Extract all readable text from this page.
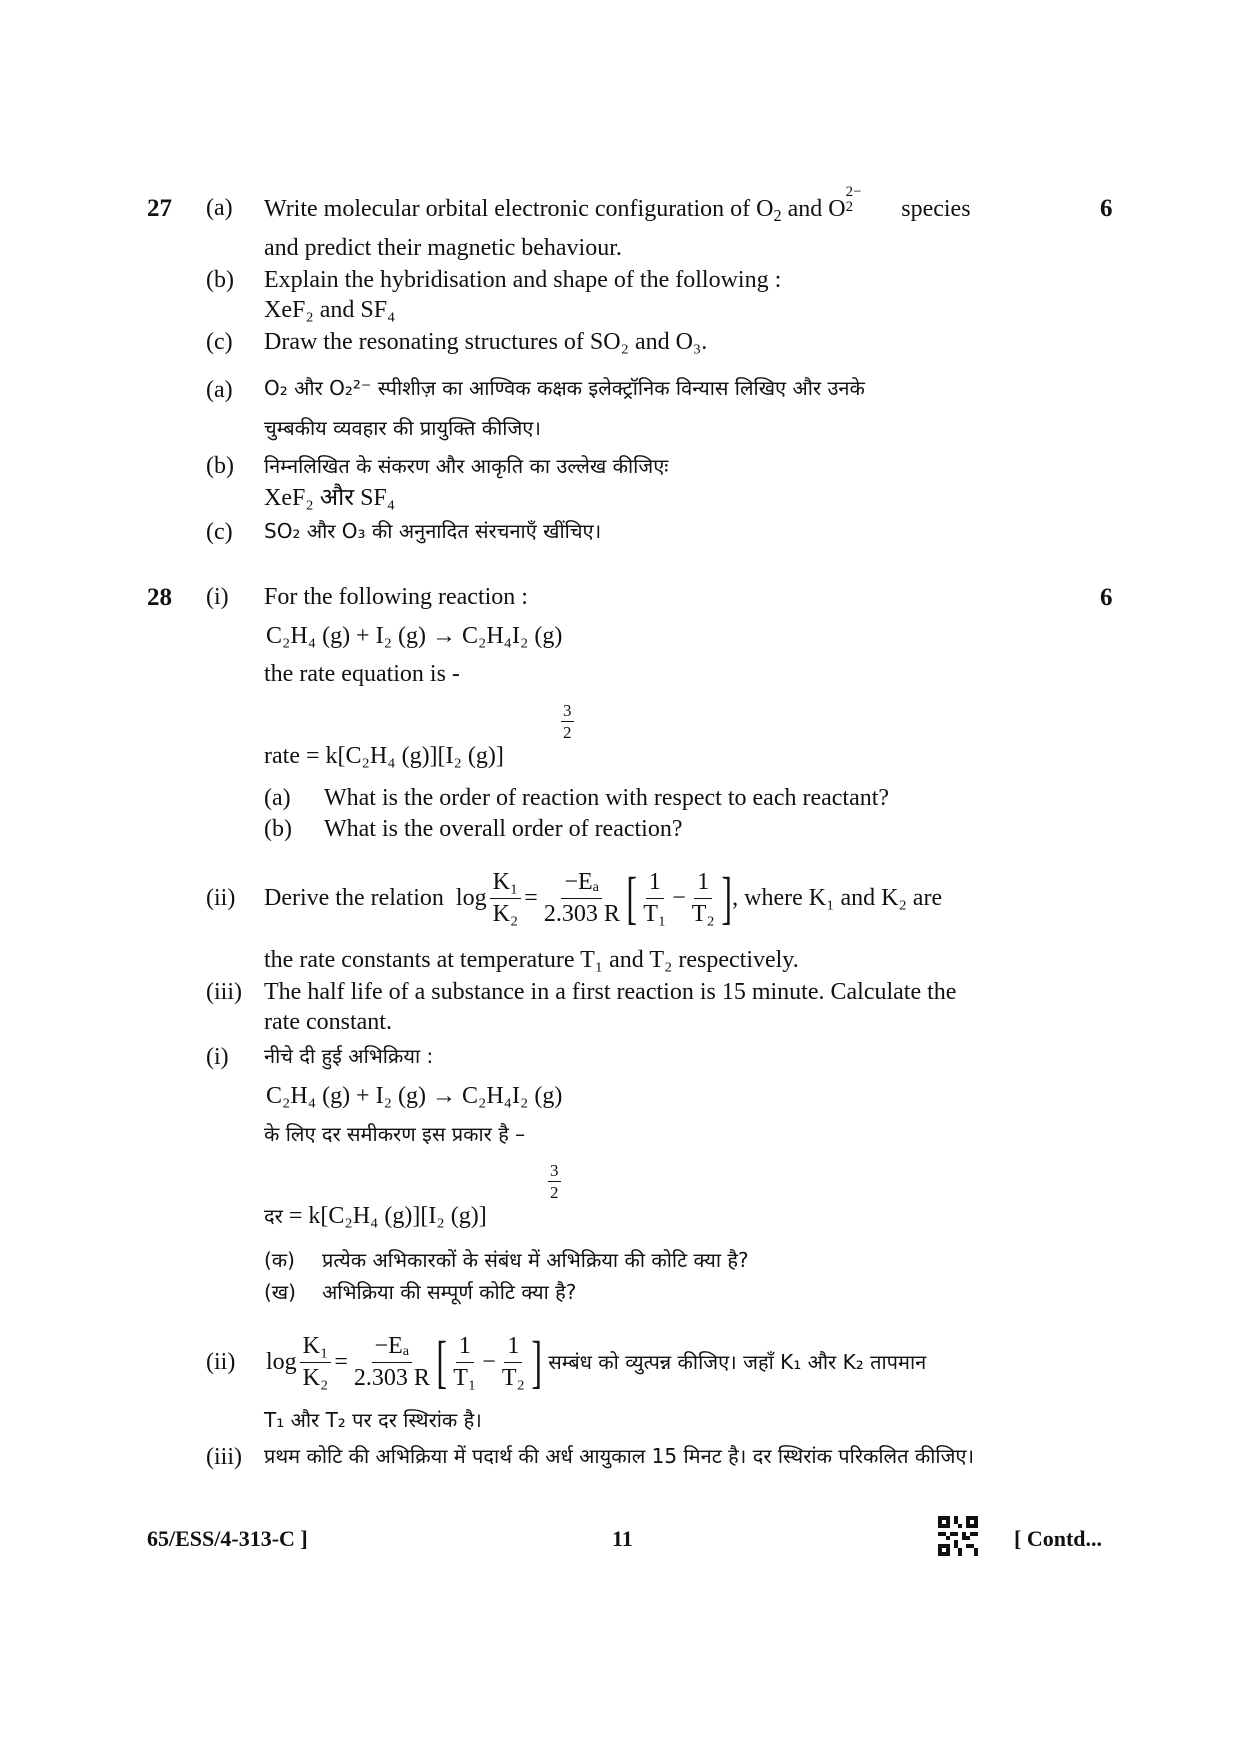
27	6
(a) Write molecular orbital electronic configuration of $O_2$ and O
2−
2 species
and predict their magnetic behaviour.
(b) Explain the hybridisation and shape of the following :
XeF₂ and SF₄
(c) Draw the resonating structures of SO₂ and O₃.
(a) O₂ और O₂²⁻ स्पीशीज़ का आण्विक कक्षक इलेक्ट्रॉनिक विन्यास लिखिए और उनके
चुम्बकीय व्यवहार की प्रायुक्ति कीजिए।
(b) निम्नलिखित के संकरण और आकृति का उल्लेख कीजिएः
XeF₂ और SF₄
(c) SO₂ और O₃ की अनुनादित संरचनाएँ खींचिए।
28	6
(i) For the following reaction :
C₂H₄ (g) + I₂ (g) → C₂H₄I₂ (g)
the rate equation is -
rate = k[C₂H₄ (g)][I₂ (g)]
3
2
(a) What is the order of reaction with respect to each reactant?
(b) What is the overall order of reaction?
(ii) Derive the relation $\log \frac{\text{K₁}}{\text{K₂}} = \frac{\text{−Eₐ}}{2.303 R}$ [ $\frac{1}{\text{T₁}} - \frac{1}{\text{T₂}}$ ] , where K₁ and K₂ are
the rate constants at temperature T₁ and T₂ respectively.
(iii) The half life of a substance in a first reaction is 15 minute. Calculate the
rate constant.
(i) नीचे दी हुई अभिक्रिया :
C₂H₄ (g) + I₂ (g) → C₂H₄I₂ (g)
के लिए दर समीकरण इस प्रकार है –
दर = k[C₂H₄ (g)][I₂ (g)]
3
2
(क) प्रत्येक अभिकारकों के संबंध में अभिक्रिया की कोटि क्या है?
(ख) अभिक्रिया की सम्पूर्ण कोटि क्या है?
(ii) $\log \frac{\text{K₁}}{\text{K₂}} = \frac{\text{−Eₐ}}{2.303 R}$ [ $\frac{1}{\text{T₁}} - \frac{1}{\text{T₂}}$ ] सम्बंध को व्युत्पन्न कीजिए। जहाँ K₁ और K₂ तापमान
T₁ और T₂ पर दर स्थिरांक है।
(iii) प्रथम कोटि की अभिक्रिया में पदार्थ की अर्ध आयुकाल 15 मिनट है। दर स्थिरांक परिकलित कीजिए।
65/ESS/4-313-C ]	11	[ Contd...
